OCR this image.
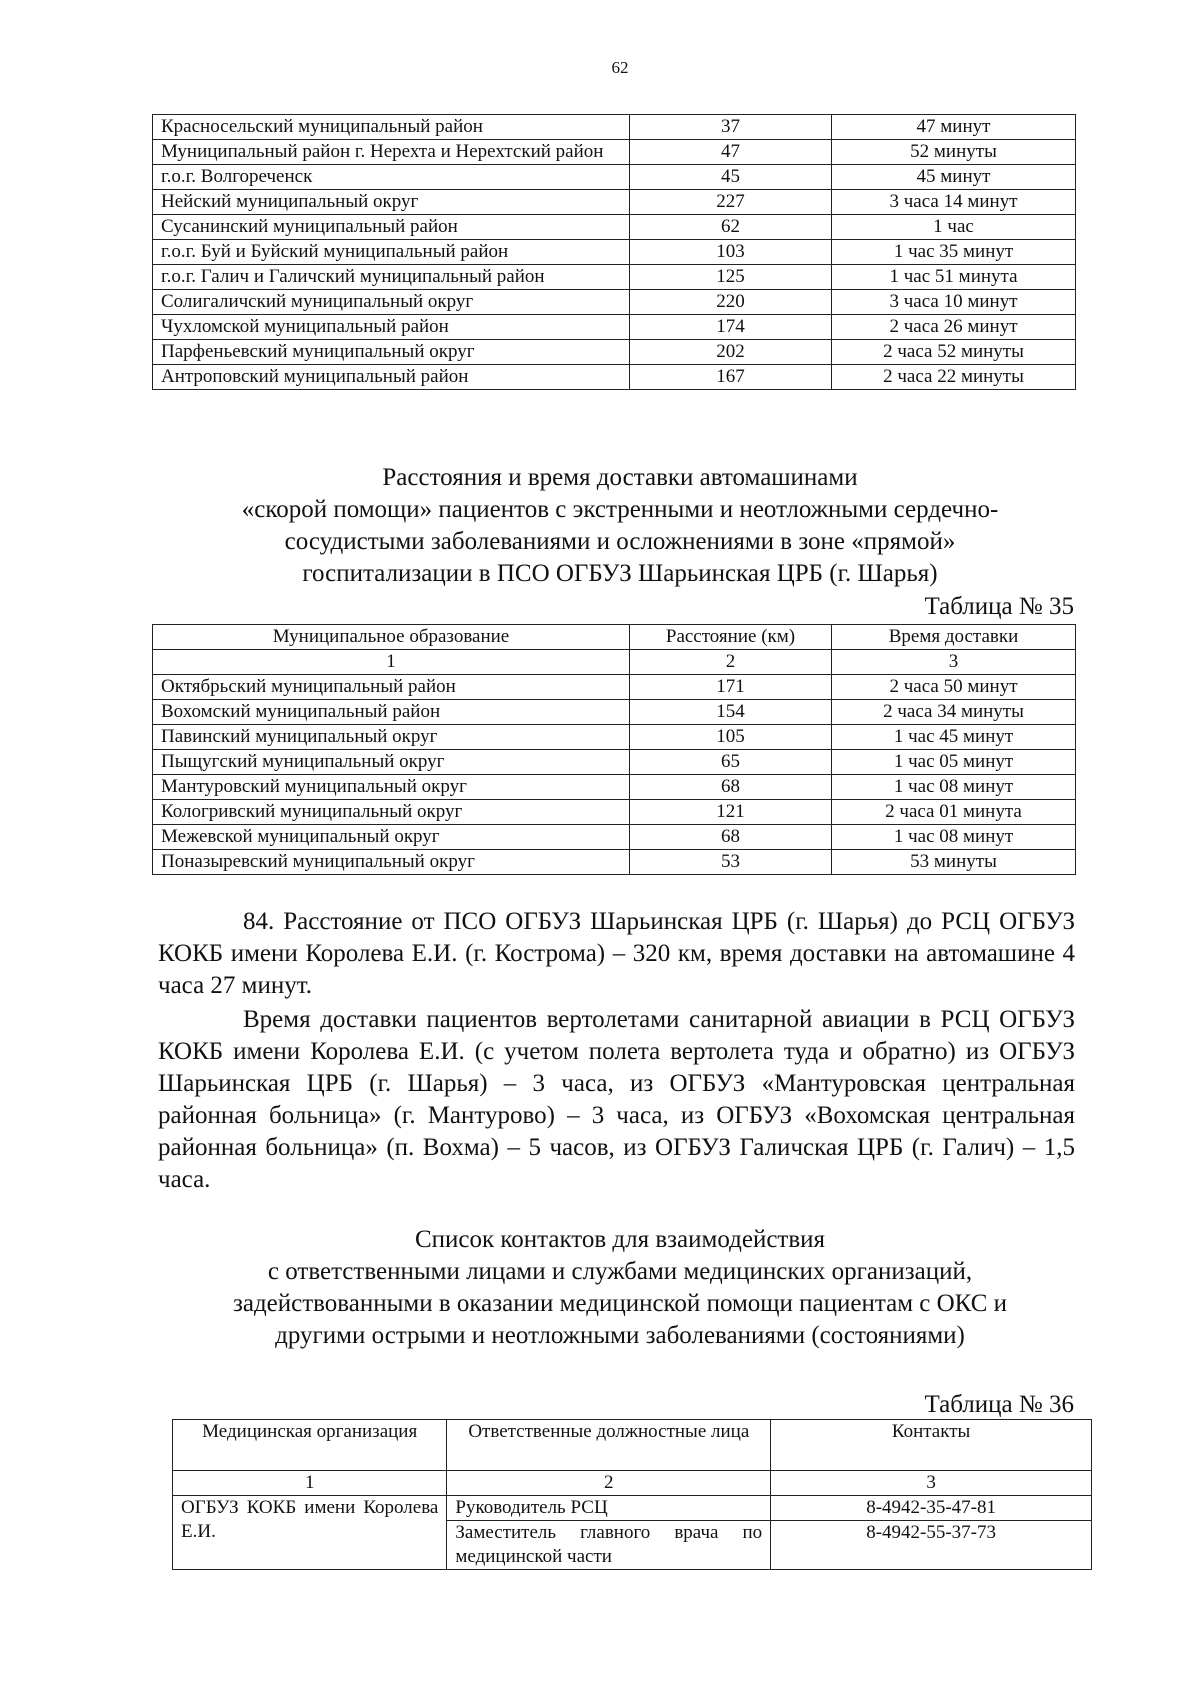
62
Красносельский муниципальный район	37	47 минут
Муниципальный район г. Нерехта и Нерехтский район	47	52 минуты
г.о.г. Волгореченск	45	45 минут
Нейский муниципальный округ	227	3 часа 14 минут
Сусанинский муниципальный район	62	1 час
г.о.г. Буй и Буйский муниципальный район	103	1 час 35 минут
г.о.г. Галич и Галичский муниципальный район	125	1 час 51 минута
Солигаличский муниципальный округ	220	3 часа 10 минут
Чухломской муниципальный район	174	2 часа 26 минут
Парфеньевский муниципальный округ	202	2 часа 52 минуты
Антроповский муниципальный район	167	2 часа 22 минуты
Расстояния и время доставки автомашинами
«скорой помощи» пациентов с экстренными и неотложными сердечно-
сосудистыми заболеваниями и осложнениями в зоне «прямой»
госпитализации в ПСО ОГБУЗ Шарьинская ЦРБ (г. Шарья)
Таблица № 35
Муниципальное образование	Расстояние (км)	Время доставки
1	2	3
Октябрьский муниципальный район	171	2 часа 50 минут
Вохомский муниципальный район	154	2 часа 34 минуты
Павинский муниципальный округ	105	1 час 45 минут
Пыщугский муниципальный округ	65	1 час 05 минут
Мантуровский муниципальный округ	68	1 час 08 минут
Кологривский муниципальный округ	121	2 часа 01 минута
Межевской муниципальный округ	68	1 час 08 минут
Поназыревский муниципальный округ	53	53 минуты
84. Расстояние от ПСО ОГБУЗ Шарьинская ЦРБ (г. Шарья) до РСЦ ОГБУЗ КОКБ имени Королева Е.И. (г. Кострома) – 320 км, время доставки на автомашине 4 часа 27 минут.
Время доставки пациентов вертолетами санитарной авиации в РСЦ ОГБУЗ КОКБ имени Королева Е.И. (с учетом полета вертолета туда и обратно) из ОГБУЗ Шарьинская ЦРБ (г. Шарья) – 3 часа, из ОГБУЗ «Мантуровская центральная районная больница» (г. Мантурово) – 3 часа, из ОГБУЗ «Вохомская центральная районная больница» (п. Вохма) – 5 часов, из ОГБУЗ Галичская ЦРБ (г. Галич) – 1,5 часа.
Список контактов для взаимодействия
с ответственными лицами и службами медицинских организаций,
задействованными в оказании медицинской помощи пациентам с ОКС и
другими острыми и неотложными заболеваниями (состояниями)
Таблица № 36
Медицинская организация	Ответственные должностные лица	Контакты
1	2	3

ОГБУЗ КОКБ имени Королева Е.И.	Руководитель РСЦ	8-4942-35-47-81
	Заместитель главного врача по медицинской части	8-4942-55-37-73
